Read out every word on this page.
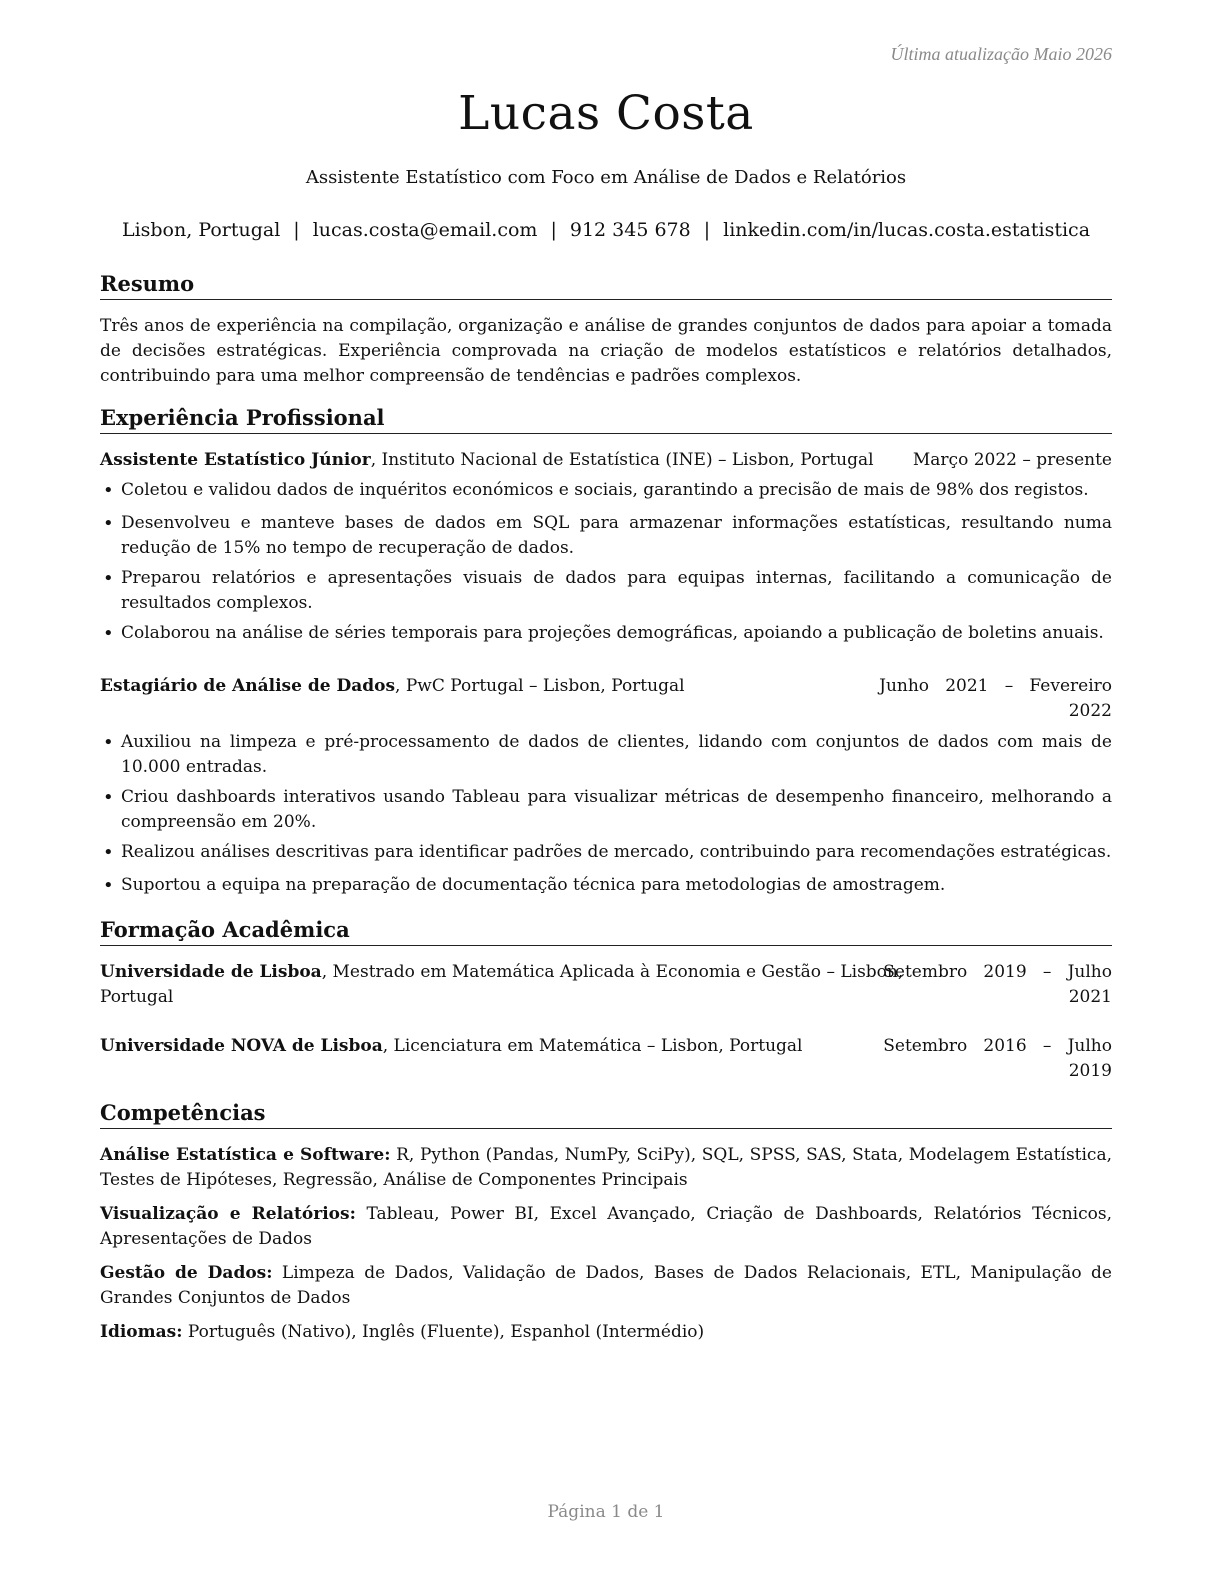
Última atualização Maio 2026
Lucas Costa
Assistente Estatístico com Foco em Análise de Dados e Relatórios
Lisbon, Portugal | lucas.costa@email.com | 912 345 678 | linkedin.com/in/lucas.costa.estatistica
Resumo
Três anos de experiência na compilação, organização e análise de grandes conjuntos de dados para apoiar a tomada de decisões estratégicas. Experiência comprovada na criação de modelos estatísticos e relatórios detalhados, contribuindo para uma melhor compreensão de tendências e padrões complexos.
Experiência Profissional
Assistente Estatístico Júnior, Instituto Nacional de Estatística (INE) – Lisbon, Portugal Março 2022 – presente
• Coletou e validou dados de inquéritos económicos e sociais, garantindo a precisão de mais de 98% dos registos.
• Desenvolveu e manteve bases de dados em SQL para armazenar informações estatísticas, resultando numa redução de 15% no tempo de recuperação de dados.
• Preparou relatórios e apresentações visuais de dados para equipas internas, facilitando a comunicação de resultados complexos.
• Colaborou na análise de séries temporais para projeções demográficas, apoiando a publicação de boletins anuais.
Estagiário de Análise de Dados, PwC Portugal – Lisbon, Portugal	Junho   2021   –   Fevereiro
2022
• Auxiliou na limpeza e pré-processamento de dados de clientes, lidando com conjuntos de dados com mais de 10.000 entradas.
• Criou dashboards interativos usando Tableau para visualizar métricas de desempenho financeiro, melhorando a compreensão em 20%.
• Realizou análises descritivas para identificar padrões de mercado, contribuindo para recomendações estratégicas.
• Suportou a equipa na preparação de documentação técnica para metodologias de amostragem.
Formação Acadêmica
Universidade de Lisboa, Mestrado em Matemática Aplicada à Economia e Gestão – Lisbon,
Portugal
Setembro   2019   –   Julho
2021
Universidade NOVA de Lisboa, Licenciatura em Matemática – Lisbon, Portugal	Setembro   2016   –   Julho
2019
Competências
Análise Estatística e Software: R, Python (Pandas, NumPy, SciPy), SQL, SPSS, SAS, Stata, Modelagem Estatística, Testes de Hipóteses, Regressão, Análise de Componentes Principais
Visualização e Relatórios: Tableau, Power BI, Excel Avançado, Criação de Dashboards, Relatórios Técnicos, Apresentações de Dados
Gestão de Dados: Limpeza de Dados, Validação de Dados, Bases de Dados Relacionais, ETL, Manipulação de Grandes Conjuntos de Dados
Idiomas: Português (Nativo), Inglês (Fluente), Espanhol (Intermédio)
Página 1 de 1
